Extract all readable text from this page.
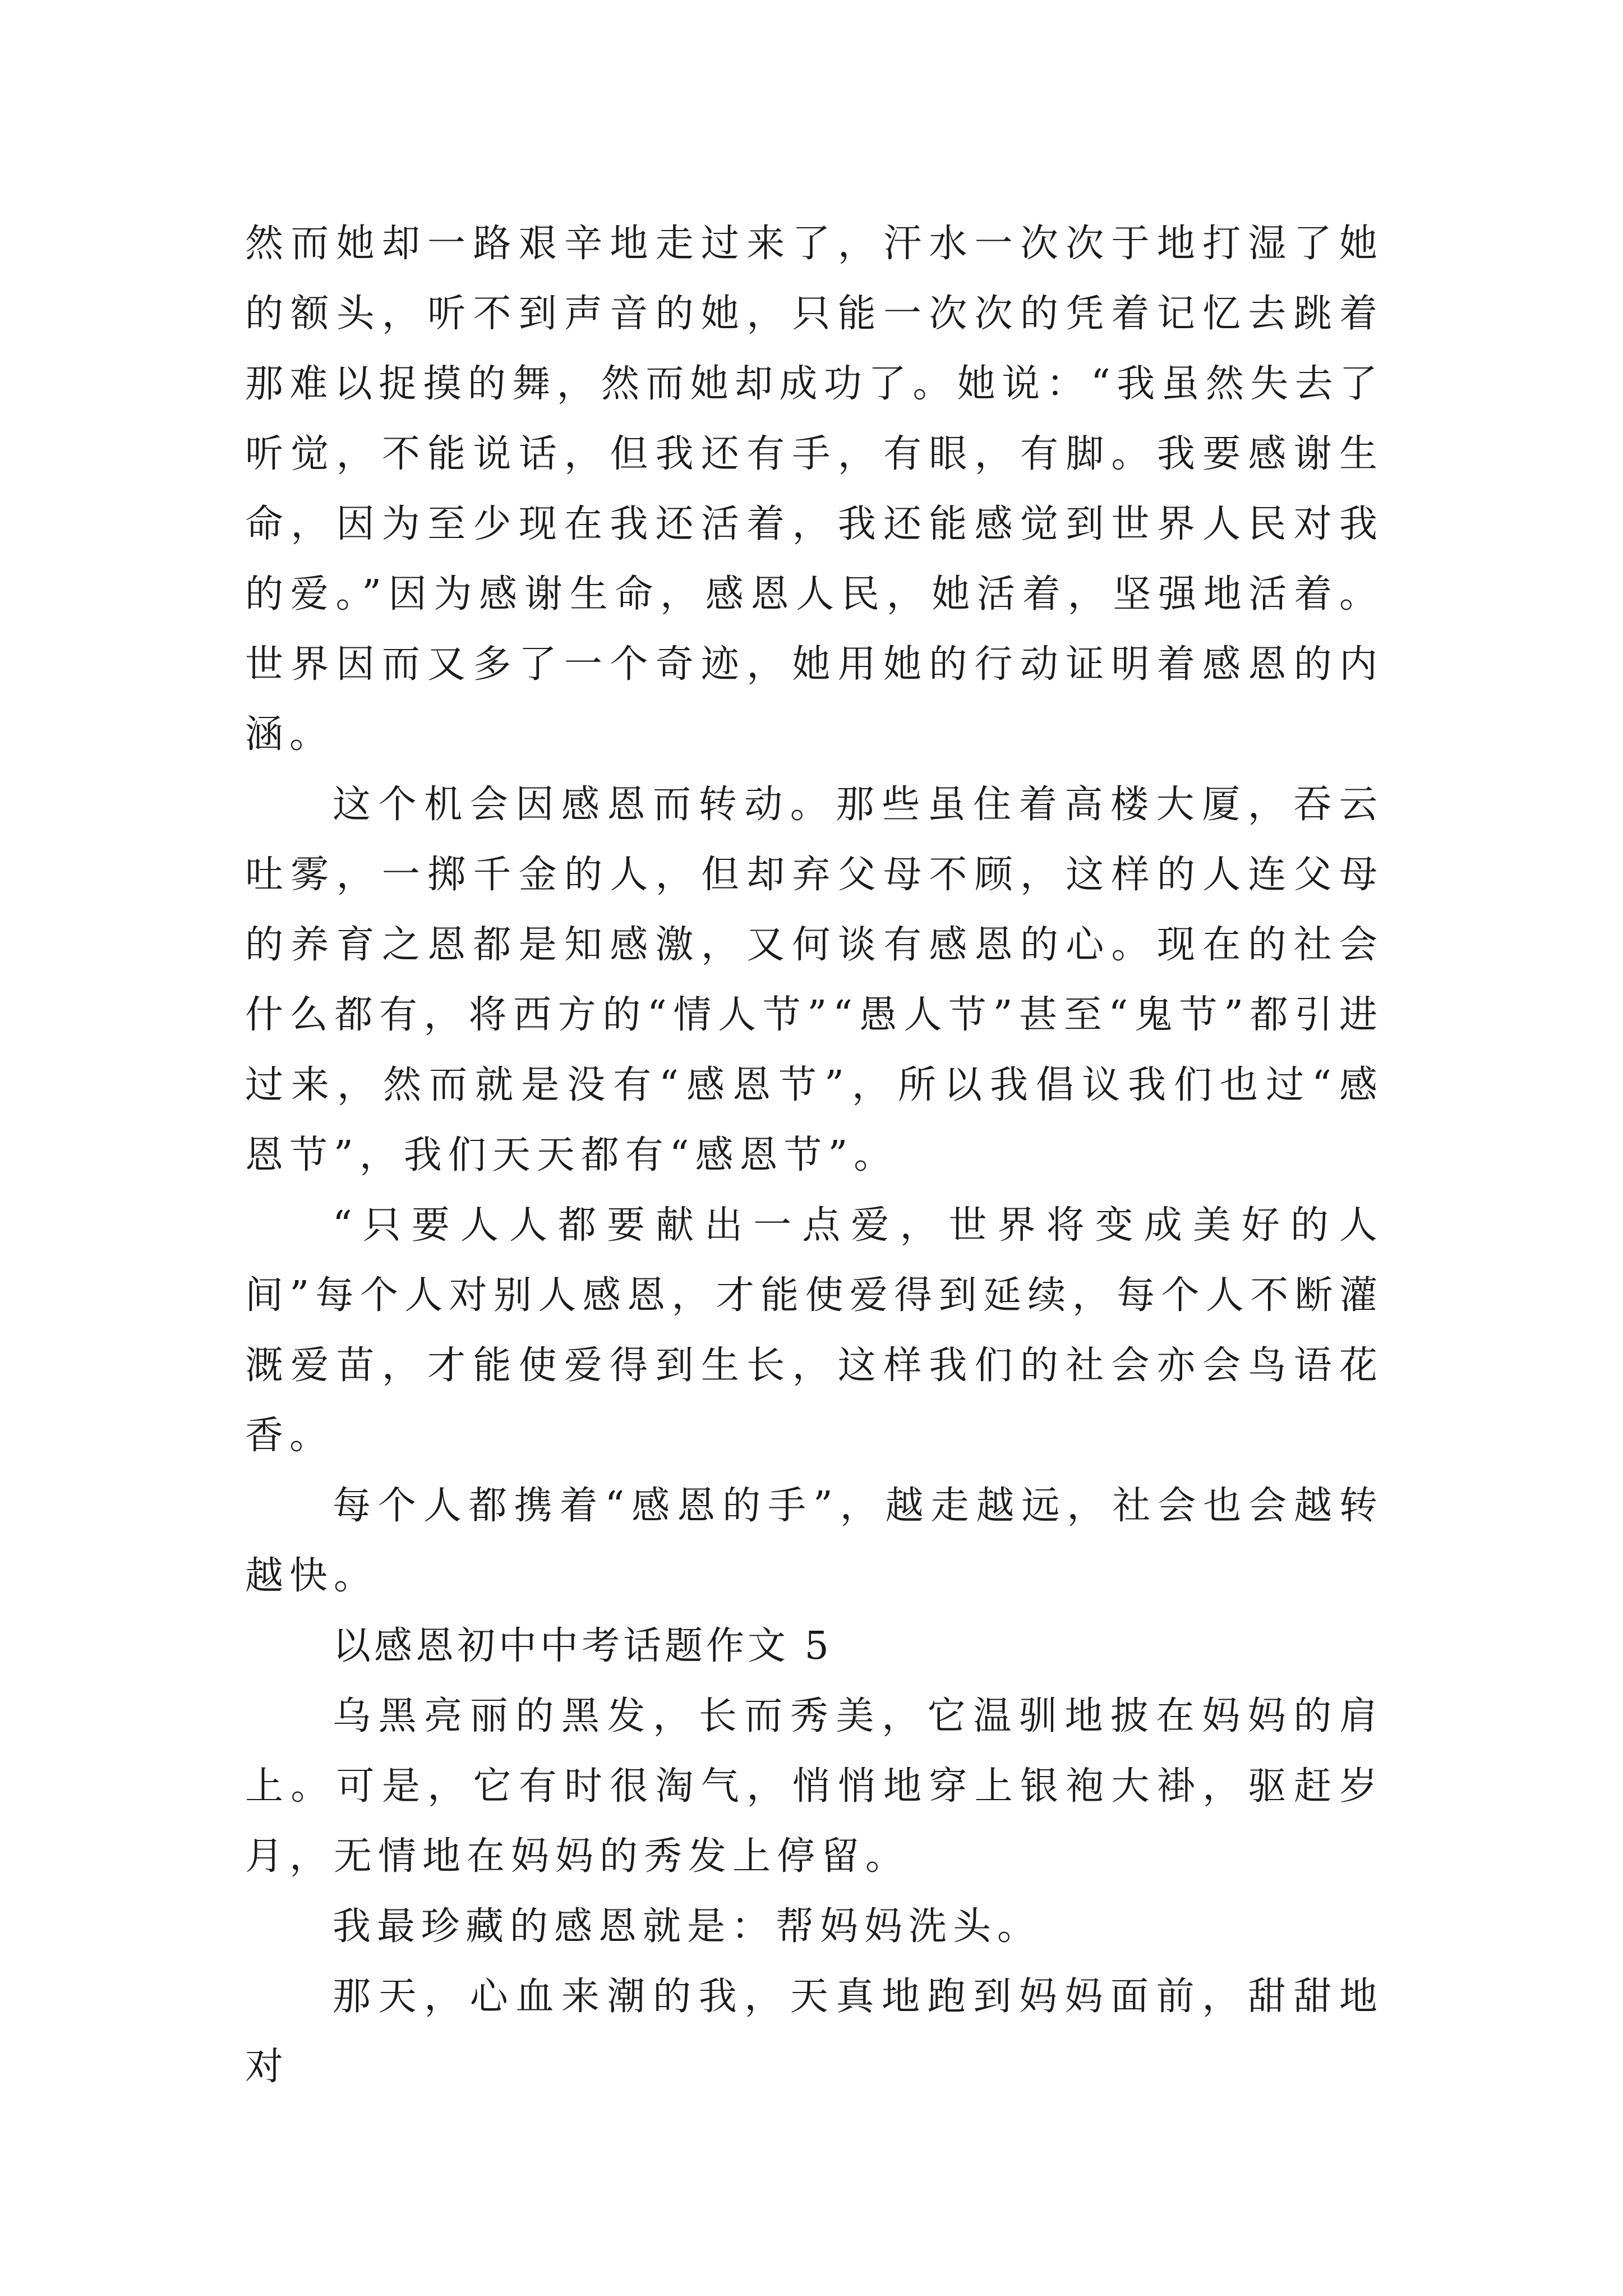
然而她却一路艰辛地走过来了，汗水一次次于地打湿了她的额头，听不到声音的她，只能一次次的凭着记忆去跳着那难以捉摸的舞，然而她却成功了。她说：“我虽然失去了听觉，不能说话，但我还有手，有眼，有脚。我要感谢生命，因为至少现在我还活着，我还能感觉到世界人民对我的爱。”因为感谢生命，感恩人民，她活着，坚强地活着。世界因而又多了一个奇迹，她用她的行动证明着感恩的内涵。

这个机会因感恩而转动。那些虽住着高楼大厦，吞云吐雾，一掷千金的人，但却弃父母不顾，这样的人连父母的养育之恩都是知感激，又何谈有感恩的心。现在的社会什么都有，将西方的“情人节”“愚人节”甚至“鬼节”都引进过来，然而就是没有“感恩节”，所以我倡议我们也过“感恩节”，我们天天都有“感恩节”。

“只要人人都要献出一点爱，世界将变成美好的人间”每个人对别人感恩，才能使爱得到延续，每个人不断灌溉爱苗，才能使爱得到生长，这样我们的社会亦会鸟语花香。

每个人都携着“感恩的手”，越走越远，社会也会越转越快。

以感恩初中中考话题作文 5

乌黑亮丽的黑发，长而秀美，它温驯地披在妈妈的肩上。可是，它有时很淘气，悄悄地穿上银袍大褂，驱赶岁月，无情地在妈妈的秀发上停留。

我最珍藏的感恩就是：帮妈妈洗头。

那天，心血来潮的我，天真地跑到妈妈面前，甜甜地对
